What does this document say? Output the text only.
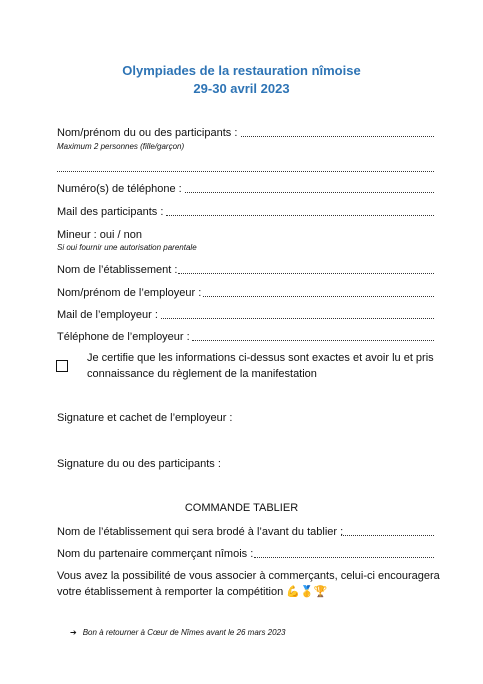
Olympiades de la restauration nîmoise
29-30 avril 2023
Nom/prénom du ou des participants :
Maximum 2 personnes (fille/garçon)
Numéro(s) de téléphone :
Mail des participants :
Mineur : oui / non
Si oui fournir une autorisation parentale
Nom de l’établissement :
Nom/prénom de l’employeur :
Mail de l’employeur :
Téléphone de l’employeur :
Je certifie que les informations ci-dessus sont exactes et avoir lu et pris connaissance du règlement de la manifestation
Signature et cachet de l’employeur :
Signature du ou des participants :
COMMANDE TABLIER
Nom de l’établissement qui sera brodé à l’avant du tablier :
Nom du partenaire commerçant nîmois :
Vous avez la possibilité de vous associer à commerçants, celui-ci encouragera votre établissement à remporter la compétition 💪🥇🏆
➔ Bon à retourner à Cœur de Nîmes avant le 26 mars 2023
